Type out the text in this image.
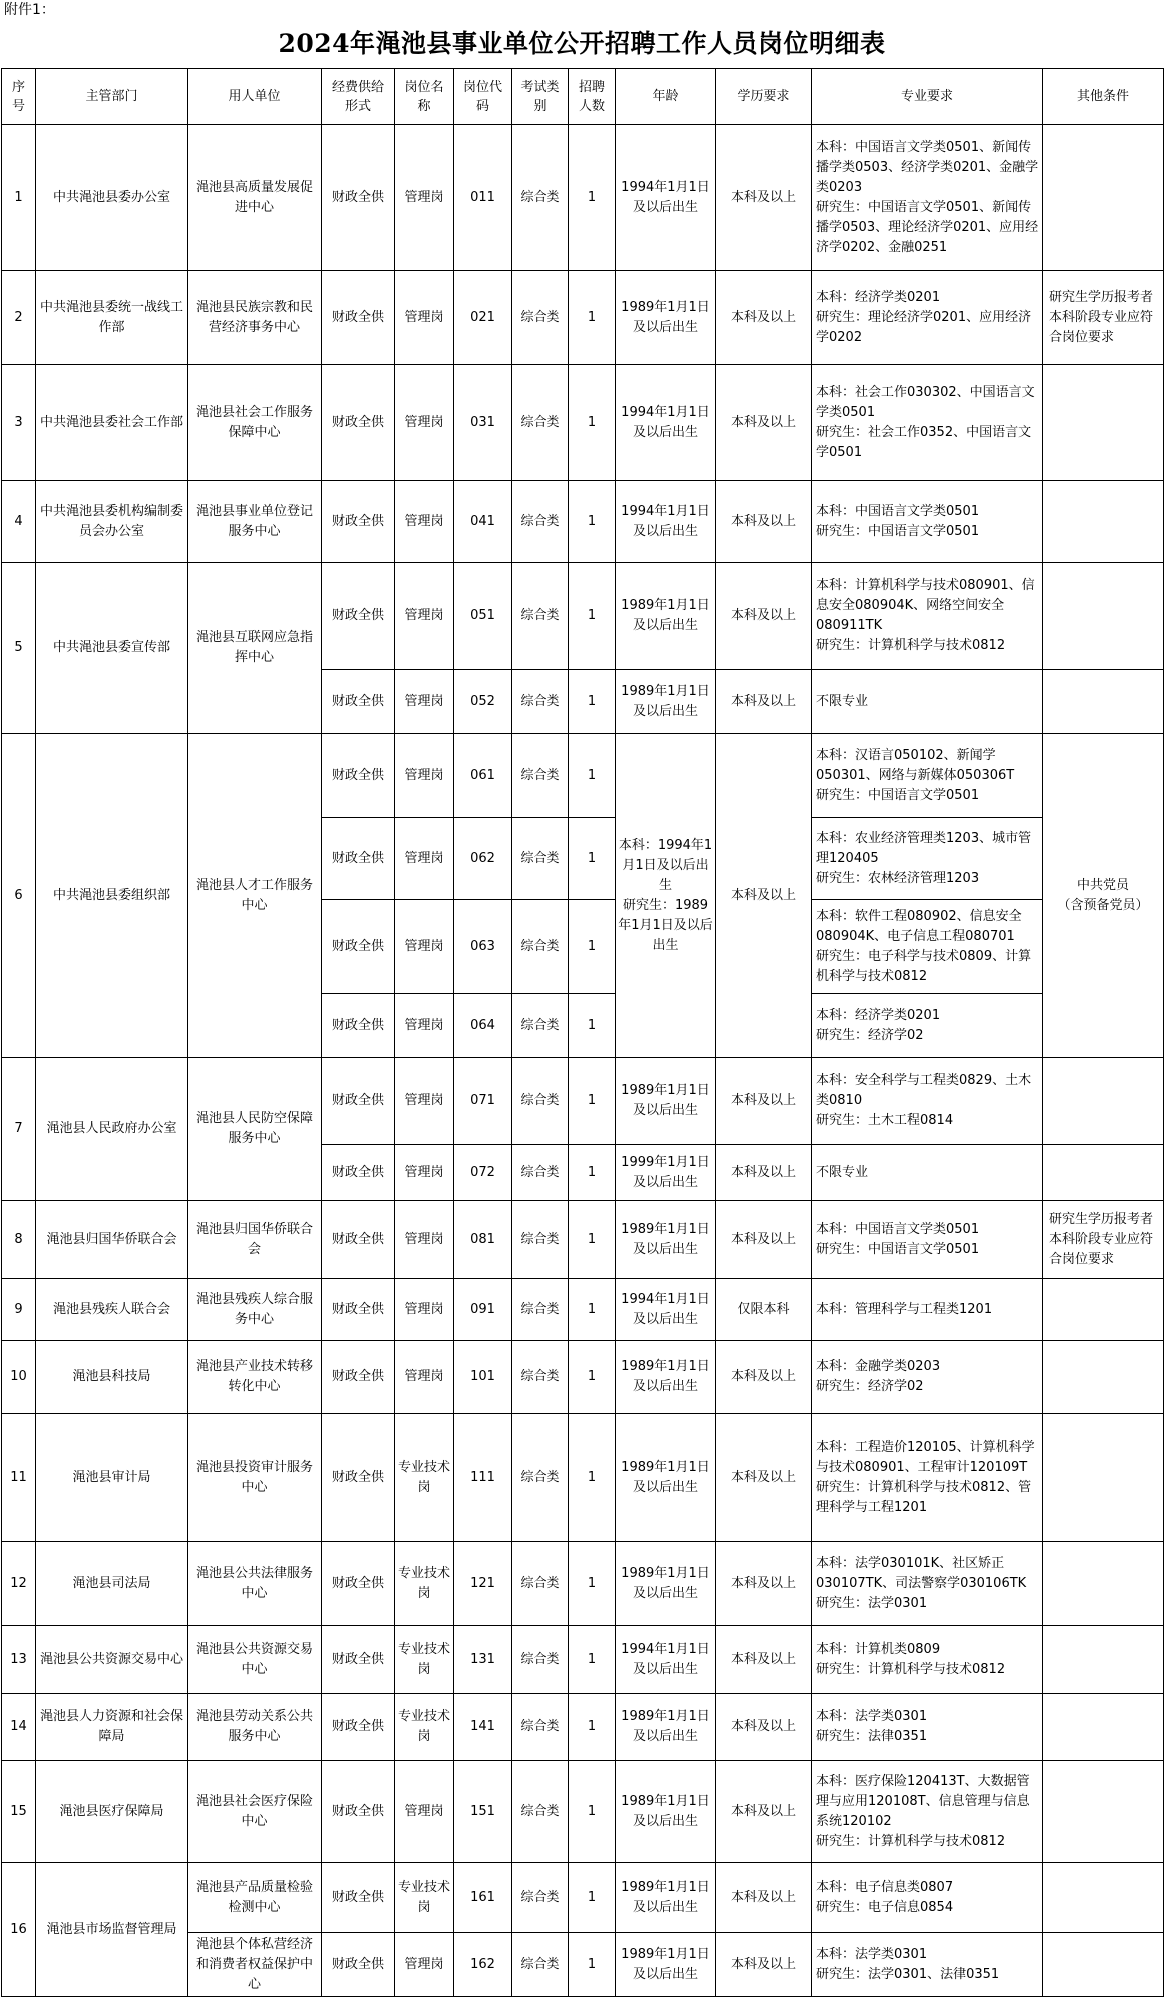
附件1：
2024年渑池县事业单位公开招聘工作人员岗位明细表
序
号	主管部门	用人单位	经费供给
形式	岗位名
称	岗位代
码	考试类
别	招聘
人数	年龄	学历要求	专业要求	其他条件
1	中共渑池县委办公室	渑池县高质量发展促进中心	财政全供	管理岗	011	综合类	1	1994年1月1日
及以后出生	本科及以上	本科：中国语言文学类0501、新闻传播学类0503、经济学类0201、金融学类0203
研究生：中国语言文学0501、新闻传播学0503、理论经济学0201、应用经济学0202、金融0251	
2	中共渑池县委统一战线工作部	渑池县民族宗教和民营经济事务中心	财政全供	管理岗	021	综合类	1	1989年1月1日
及以后出生	本科及以上	本科：经济学类0201
研究生：理论经济学0201、应用经济学0202	研究生学历报考者本科阶段专业应符合岗位要求
3	中共渑池县委社会工作部	渑池县社会工作服务保障中心	财政全供	管理岗	031	综合类	1	1994年1月1日
及以后出生	本科及以上	本科：社会工作030302、中国语言文学类0501
研究生：社会工作0352、中国语言文学0501	
4	中共渑池县委机构编制委员会办公室	渑池县事业单位登记服务中心	财政全供	管理岗	041	综合类	1	1994年1月1日
及以后出生	本科及以上	本科：中国语言文学类0501
研究生：中国语言文学0501	
5	中共渑池县委宣传部	渑池县互联网应急指挥中心	财政全供	管理岗	051	综合类	1	1989年1月1日
及以后出生	本科及以上	本科：计算机科学与技术080901、信息安全080904K、网络空间安全080911TK
研究生：计算机科学与技术0812	
			财政全供	管理岗	052	综合类	1	1989年1月1日
及以后出生	本科及以上	不限专业	
6	中共渑池县委组织部	渑池县人才工作服务中心	财政全供	管理岗	061	综合类	1	本科：1994年1月1日及以后出生
研究生：1989年1月1日及以后出生	本科及以上	本科：汉语言050102、新闻学050301、网络与新媒体050306T
研究生：中国语言文学0501	中共党员
（含预备党员）
			财政全供	管理岗	062	综合类	1			本科：农业经济管理类1203、城市管理120405
研究生：农林经济管理1203	
			财政全供	管理岗	063	综合类	1			本科：软件工程080902、信息安全080904K、电子信息工程080701
研究生：电子科学与技术0809、计算机科学与技术0812	
			财政全供	管理岗	064	综合类	1			本科：经济学类0201
研究生：经济学02	
7	渑池县人民政府办公室	渑池县人民防空保障服务中心	财政全供	管理岗	071	综合类	1	1989年1月1日
及以后出生	本科及以上	本科：安全科学与工程类0829、土木类0810
研究生：土木工程0814	
			财政全供	管理岗	072	综合类	1	1999年1月1日
及以后出生	本科及以上	不限专业	
8	渑池县归国华侨联合会	渑池县归国华侨联合会	财政全供	管理岗	081	综合类	1	1989年1月1日
及以后出生	本科及以上	本科：中国语言文学类0501
研究生：中国语言文学0501	研究生学历报考者本科阶段专业应符合岗位要求
9	渑池县残疾人联合会	渑池县残疾人综合服务中心	财政全供	管理岗	091	综合类	1	1994年1月1日
及以后出生	仅限本科	本科：管理科学与工程类1201	
10	渑池县科技局	渑池县产业技术转移转化中心	财政全供	管理岗	101	综合类	1	1989年1月1日
及以后出生	本科及以上	本科：金融学类0203
研究生：经济学02	
11	渑池县审计局	渑池县投资审计服务中心	财政全供	专业技术岗	111	综合类	1	1989年1月1日
及以后出生	本科及以上	本科：工程造价120105、计算机科学与技术080901、工程审计120109T
研究生：计算机科学与技术0812、管理科学与工程1201	
12	渑池县司法局	渑池县公共法律服务中心	财政全供	专业技术岗	121	综合类	1	1989年1月1日
及以后出生	本科及以上	本科：法学030101K、社区矫正030107TK、司法警察学030106TK
研究生：法学0301	
13	渑池县公共资源交易中心	渑池县公共资源交易中心	财政全供	专业技术岗	131	综合类	1	1994年1月1日
及以后出生	本科及以上	本科：计算机类0809
研究生：计算机科学与技术0812	
14	渑池县人力资源和社会保障局	渑池县劳动关系公共服务中心	财政全供	专业技术岗	141	综合类	1	1989年1月1日
及以后出生	本科及以上	本科：法学类0301
研究生：法律0351	
15	渑池县医疗保障局	渑池县社会医疗保险中心	财政全供	管理岗	151	综合类	1	1989年1月1日
及以后出生	本科及以上	本科：医疗保险120413T、大数据管理与应用120108T、信息管理与信息系统120102
研究生：计算机科学与技术0812	
16	渑池县市场监督管理局	渑池县产品质量检验检测中心	财政全供	专业技术岗	161	综合类	1	1989年1月1日
及以后出生	本科及以上	本科：电子信息类0807
研究生：电子信息0854	
		渑池县个体私营经济和消费者权益保护中心	财政全供	管理岗	162	综合类	1	1989年1月1日
及以后出生	本科及以上	本科：法学类0301
研究生：法学0301、法律0351	
